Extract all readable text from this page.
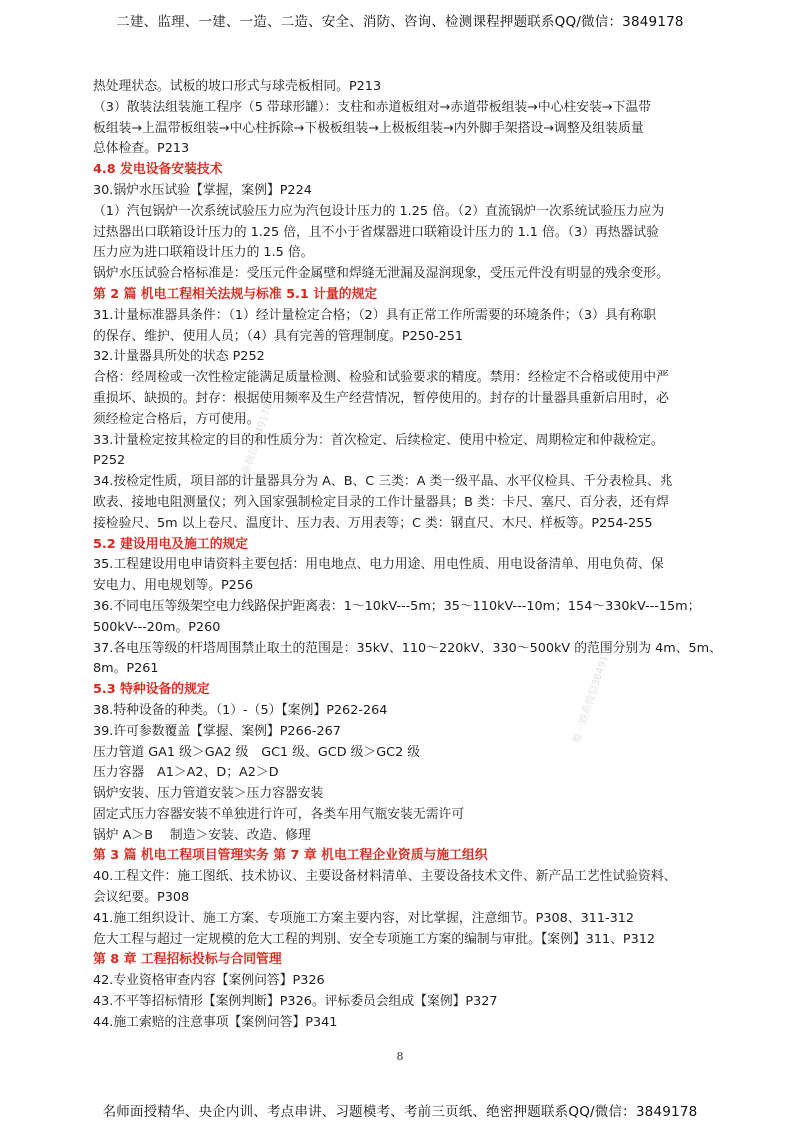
二建、监理、一建、一造、二造、安全、消防、咨询、检测课程押题联系QQ/微信：3849178
热处理状态。试板的坡口形式与球壳板相同。P213
（3）散装法组装施工程序（5 带球形罐）：支柱和赤道板组对→赤道带板组装→中心柱安装→下温带
板组装→上温带板组装→中心柱拆除→下极板组装→上极板组装→内外脚手架搭设→调整及组装质量
总体检查。P213
4.8 发电设备安装技术
30.锅炉水压试验【掌握，案例】P224
（1）汽包锅炉一次系统试验压力应为汽包设计压力的 1.25 倍。（2）直流锅炉一次系统试验压力应为
过热器出口联箱设计压力的 1.25 倍，且不小于省煤器进口联箱设计压力的 1.1 倍。（3）再热器试验
压力应为进口联箱设计压力的 1.5 倍。
锅炉水压试验合格标准是：受压元件金属壁和焊缝无泄漏及湿润现象，受压元件没有明显的残余变形。
第 2 篇 机电工程相关法规与标准 5.1 计量的规定
31.计量标准器具条件：（1）经计量检定合格；（2）具有正常工作所需要的环境条件；（3）具有称职
的保存、维护、使用人员；（4）具有完善的管理制度。P250-251
32.计量器具所处的状态 P252
合格：经周检或一次性检定能满足质量检测、检验和试验要求的精度。禁用：经检定不合格或使用中严
重损坏、缺损的。封存：根据使用频率及生产经营情况，暂停使用的。封存的计量器具重新启用时，必
须经检定合格后，方可使用。
33.计量检定按其检定的目的和性质分为：首次检定、后续检定、使用中检定、周期检定和仲裁检定。
P252
34.按检定性质，项目部的计量器具分为 A、B、C 三类：A 类一级平晶、水平仪检具、千分表检具、兆
欧表、接地电阻测量仪；列入国家强制检定目录的工作计量器具；B 类：卡尺、塞尺、百分表，还有焊
接检验尺、5m 以上卷尺、温度计、压力表、万用表等；C 类：钢直尺、木尺、样板等。P254-255
5.2 建设用电及施工的规定
35.工程建设用电申请资料主要包括：用电地点、电力用途、用电性质、用电设备清单、用电负荷、保
安电力、用电规划等。P256
36.不同电压等级架空电力线路保护距离表：1～10kV---5m；35～110kV---10m；154～330kV---15m；
500kV---20m。P260
37.各电压等级的杆塔周围禁止取土的范围是：35kV、110～220kV、330～500kV 的范围分别为 4m、5m、
8m。P261
5.3 特种设备的规定
38.特种设备的种类。（1）-（5）【案例】P262-264
39.许可参数覆盖【掌握、案例】P266-267
压力管道 GA1 级＞GA2 级　GC1 级、GCD 级＞GC2 级
压力容器　A1＞A2、D；A2＞D
锅炉安装、压力管道安装＞压力容器安装
固定式压力容器安装不单独进行许可，各类车用气瓶安装无需许可
锅炉 A＞B　 制造＞安装、改造、修理
第 3 篇 机电工程项目管理实务 第 7 章 机电工程企业资质与施工组织
40.工程文件：施工图纸、技术协议、主要设备材料清单、主要设备技术文件、新产品工艺性试验资料、
会议纪要。P308
41.施工组织设计、施工方案、专项施工方案主要内容，对比掌握，注意细节。P308、311-312
危大工程与超过一定规模的危大工程的判别、安全专项施工方案的编制与审批。【案例】311、P312
第 8 章 工程招标投标与合同管理
42.专业资格审查内容【案例问答】P326
43.不平等招标情形【案例判断】P326。评标委员会组成【案例】P327
44.施工索赔的注意事项【案例问答】P341
唯一联系微信3849178
唯一联系微信3849178
8
名师面授精华、央企内训、考点串讲、习题模考、考前三页纸、绝密押题联系QQ/微信：3849178
